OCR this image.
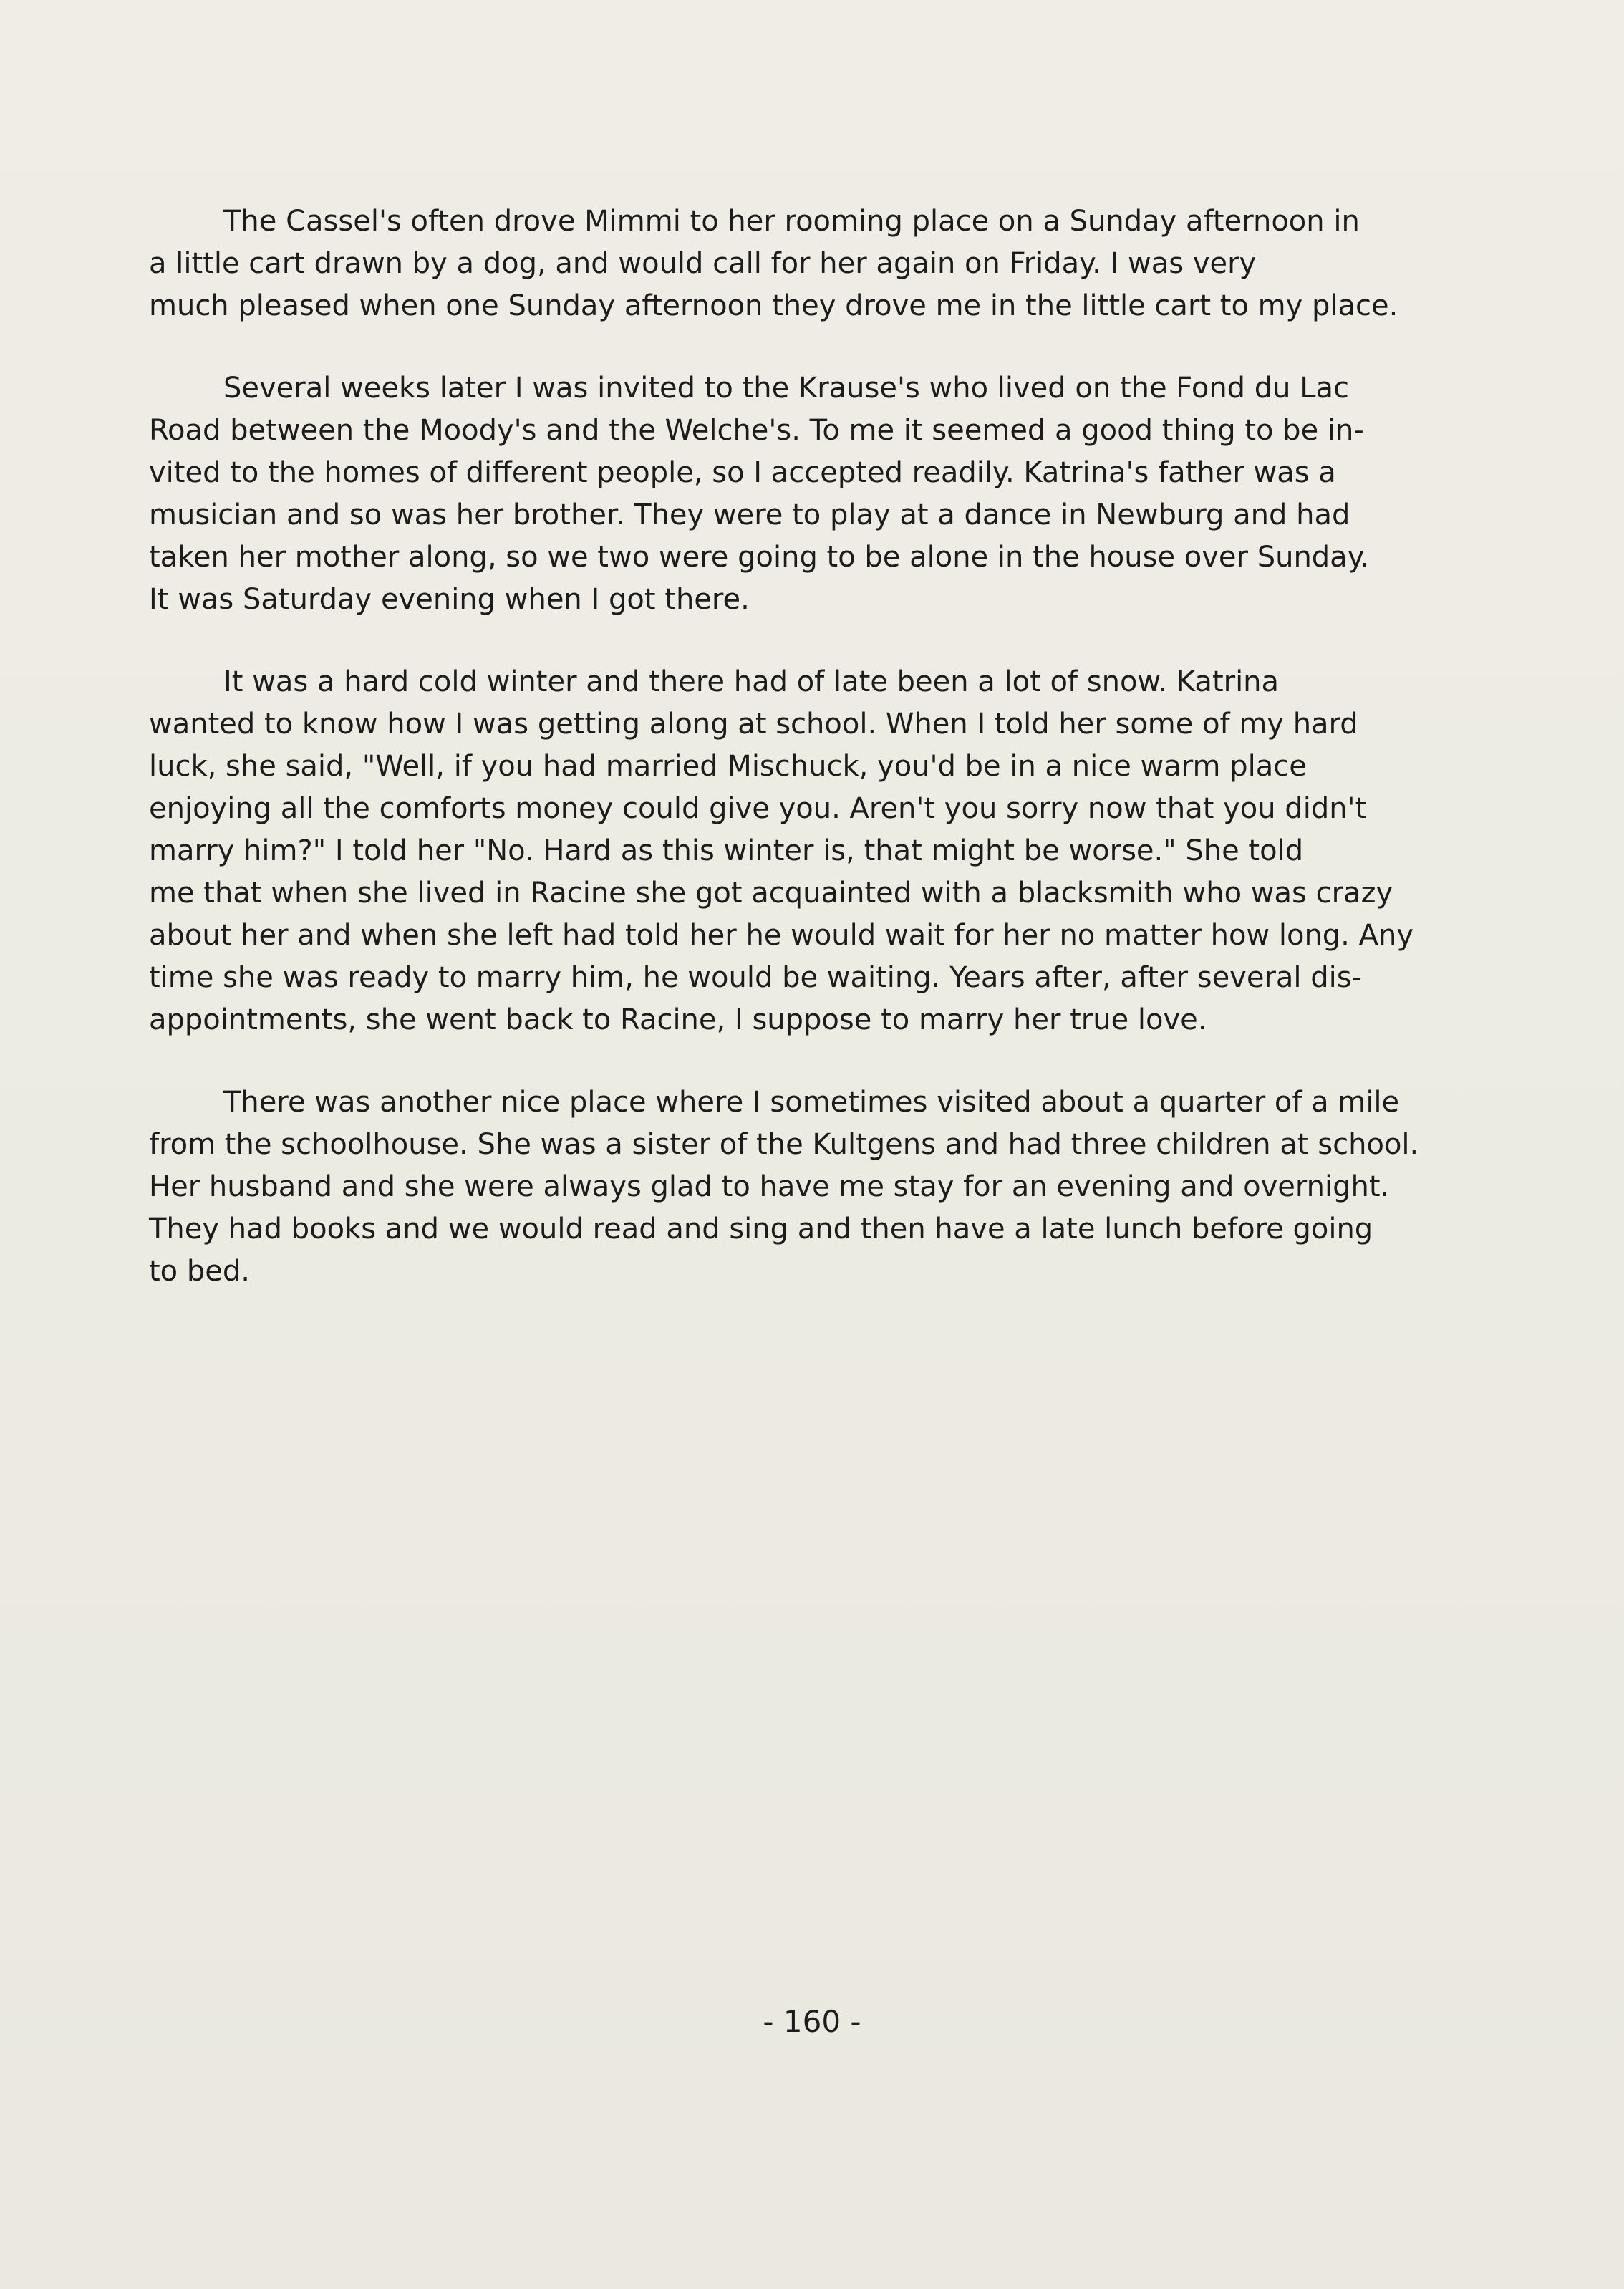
The Cassel's often drove Mimmi to her rooming place on a Sunday afternoon in
a little cart drawn by a dog, and would call for her again on Friday. I was very
much pleased when one Sunday afternoon they drove me in the little cart to my place.

Several weeks later I was invited to the Krause's who lived on the Fond du Lac
Road between the Moody's and the Welche's. To me it seemed a good thing to be in-
vited to the homes of different people, so I accepted readily. Katrina's father was a
musician and so was her brother. They were to play at a dance in Newburg and had
taken her mother along, so we two were going to be alone in the house over Sunday.
It was Saturday evening when I got there.

It was a hard cold winter and there had of late been a lot of snow. Katrina
wanted to know how I was getting along at school. When I told her some of my hard
luck, she said, "Well, if you had married Mischuck, you'd be in a nice warm place
enjoying all the comforts money could give you. Aren't you sorry now that you didn't
marry him?" I told her "No. Hard as this winter is, that might be worse." She told
me that when she lived in Racine she got acquainted with a blacksmith who was crazy
about her and when she left had told her he would wait for her no matter how long. Any
time she was ready to marry him, he would be waiting. Years after, after several dis-
appointments, she went back to Racine, I suppose to marry her true love.

There was another nice place where I sometimes visited about a quarter of a mile
from the schoolhouse. She was a sister of the Kultgens and had three children at school.
Her husband and she were always glad to have me stay for an evening and overnight.
They had books and we would read and sing and then have a late lunch before going
to bed.

- 160 -
